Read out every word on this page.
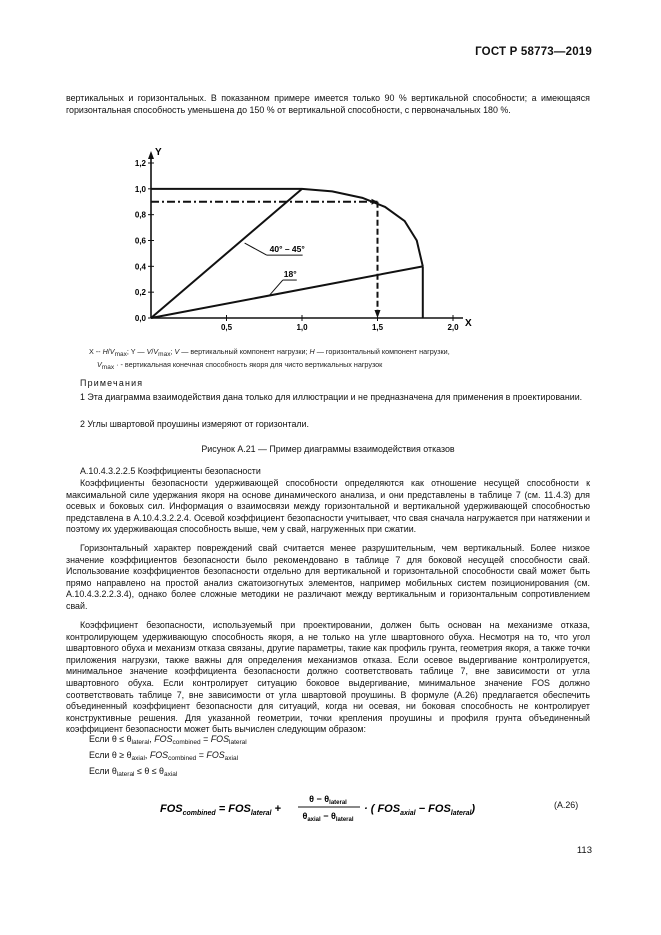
ГОСТ Р 58773—2019
вертикальных и горизонтальных. В показанном примере имеется только 90 % вертикальной способности; а имеющаяся горизонтальная способность уменьшена до 150 % от вертикальной способности, с первоначальных 180 %.
Y
X
0,0
0,2
0,4
0,6
0,8
1,0
1,2
0,5	1,0	1,5	2,0
40° – 45°
18°
X -- $H/V_{max}$; Y — $V/V_{max}$; V — вертикальный компонент нагрузки; H — горизонтальный компонент нагрузки,
$V_{max}$ · - вертикальная конечная способность якоря для чисто вертикальных нагрузок
Примечания
1 Эта диаграмма взаимодействия дана только для иллюстрации и не предназначена для применения в проектировании.
2 Углы швартовой проушины измеряют от горизонтали.
Рисунок А.21 — Пример диаграммы взаимодействия отказов
А.10.4.3.2.2.5 Коэффициенты безопасности
Коэффициенты безопасности удерживающей способности определяются как отношение несущей способности к максимальной силе удержания якоря на основе динамического анализа, и они представлены в таблице 7 (см. 11.4.3) для осевых и боковых сил. Информация о взаимосвязи между горизонтальной и вертикальной удерживающей способностью представлена в А.10.4.3.2.2.4. Осевой коэффициент безопасности учитывает, что свая сначала нагружается при натяжении и поэтому их удерживающая способность выше, чем у свай, нагруженных при сжатии.
Горизонтальный характер повреждений свай считается менее разрушительным, чем вертикальный. Более низкое значение коэффициентов безопасности было рекомендовано в таблице 7 для боковой несущей способности свай. Использование коэффициентов безопасности отдельно для вертикальной и горизонтальной способности свай может быть прямо направлено на простой анализ сжатоизогнутых элементов, например мобильных систем позиционирования (см. А.10.4.3.2.2.3.4), однако более сложные методики не различают между вертикальным и горизонтальным сопротивлением свай.
Коэффициент безопасности, используемый при проектировании, должен быть основан на механизме отказа, контролирующем удерживающую способность якоря, а не только на угле швартовного обуха. Несмотря на то, что угол швартовного обуха и механизм отказа связаны, другие параметры, такие как профиль грунта, геометрия якоря, а также точки приложения нагрузки, также важны для определения механизмов отказа. Если осевое выдергивание контролируется, минимальное значение коэффициента безопасности должно соответствовать таблице 7, вне зависимости от угла швартовного обуха. Если контролирует ситуацию боковое выдергивание, минимальное значение FOS должно соответствовать таблице 7, вне зависимости от угла швартовой проушины. В формуле (А.26) предлагается обеспечить объединенный коэффициент безопасности для ситуаций, когда ни осевая, ни боковая способность не контролирует конструктивные решения. Для указанной геометрии, точки крепления проушины и профиля грунта объединенный коэффициент безопасности может быть вычислен следующим образом:
Если $\theta \le \theta_{lateral}$, $FOS_{combined} = FOS_{lateral}$
Если $\theta \ge \theta_{axial}$, $FOS_{combined} = FOS_{axial}$
Если $\theta_{lateral} \le \theta \le \theta_{axial}$
$FOS_{combined} = FOS_{lateral}$ +
$\theta - \theta_{lateral}$
$\theta_{axial} - \theta_{lateral}$
· ( $FOS_{axial} - FOS_{lateral}$)	(А.26)
113
